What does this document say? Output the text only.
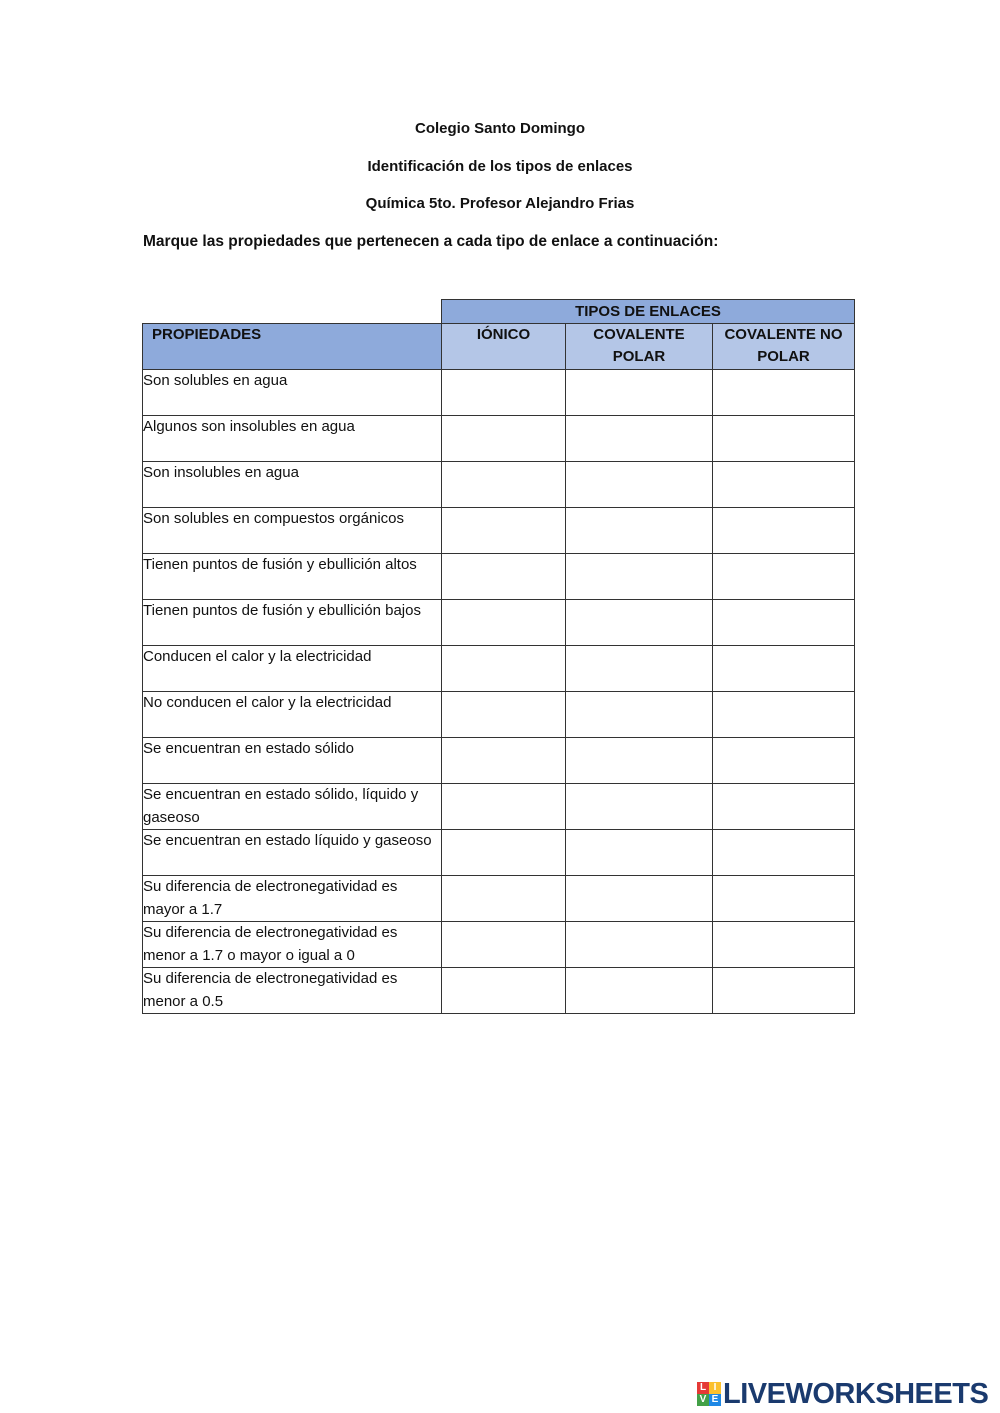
Colegio Santo Domingo
Identificación de los tipos de enlaces
Química 5to. Profesor Alejandro Frias
Marque las propiedades que pertenecen a cada tipo de enlace a continuación:
	TIPOS DE ENLACES		
PROPIEDADES	IÓNICO	COVALENTE POLAR	COVALENTE NO POLAR
Son solubles en agua			
Algunos son insolubles en agua			
Son insolubles en agua			
Son solubles en compuestos orgánicos			
Tienen puntos de fusión y ebullición altos			
Tienen puntos de fusión y ebullición bajos			
Conducen el calor y la electricidad			
No conducen el calor y la electricidad			
Se encuentran en estado sólido			
Se encuentran en estado sólido, líquido y gaseoso			
Se encuentran en estado líquido y gaseoso			
Su diferencia de electronegatividad es mayor a 1.7			
Su diferencia de electronegatividad es menor a 1.7 o mayor o igual a 0			
Su diferencia de electronegatividad es menor a 0.5			
L I
V E LIVEWORKSHEETS
